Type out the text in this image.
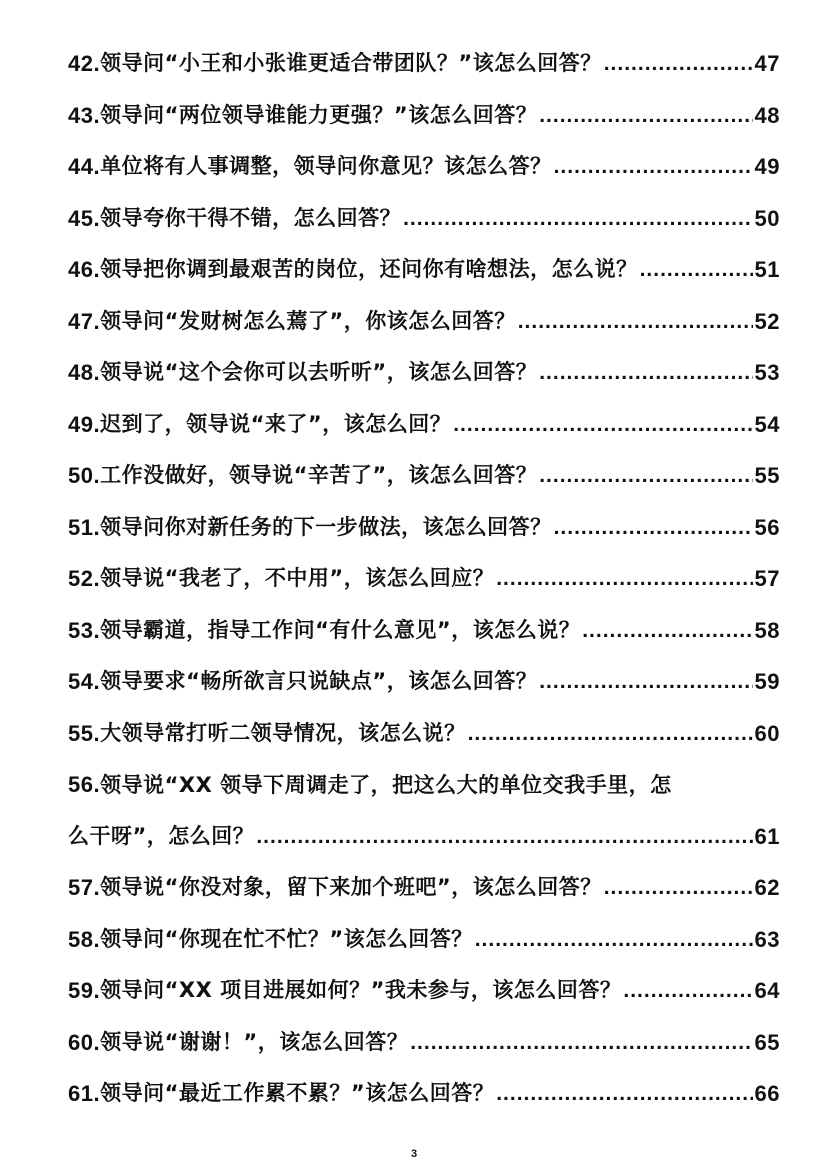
42. 领导问“小王和小张谁更适合带团队？”该怎么回答？ .....	47
43. 领导问“两位领导谁能力更强？”该怎么回答？ .....	48
44. 单位将有人事调整，领导问你意见？该怎么答？ .....	49
45. 领导夸你干得不错，怎么回答？ .....	50
46. 领导把你调到最艰苦的岗位，还问你有啥想法，怎么说？ .....	51
47. 领导问“发财树怎么蔫了”，你该怎么回答？ .....	52
48. 领导说“这个会你可以去听听”，该怎么回答？ .....	53
49. 迟到了，领导说“来了”，该怎么回？ .....	54
50. 工作没做好，领导说“辛苦了”，该怎么回答？ .....	55
51. 领导问你对新任务的下一步做法，该怎么回答？ .....	56
52. 领导说“我老了，不中用”，该怎么回应？ .....	57
53. 领导霸道，指导工作问“有什么意见”，该怎么说？ .....	58
54. 领导要求“畅所欲言只说缺点”，该怎么回答？ .....	59
55. 大领导常打听二领导情况，该怎么说？ .....	60
56.领导说“XX 领导下周调走了，把这么大的单位交我手里，怎
么干呀”，怎么回？ .....	61
57. 领导说“你没对象，留下来加个班吧”，该怎么回答？ .....	62
58. 领导问“你现在忙不忙？”该怎么回答？ .....	63
59. 领导问“XX 项目进展如何？”我未参与，该怎么回答？ .....	64
60. 领导说“谢谢！”，该怎么回答？ .....	65
61. 领导问“最近工作累不累？”该怎么回答？ .....	66
3
